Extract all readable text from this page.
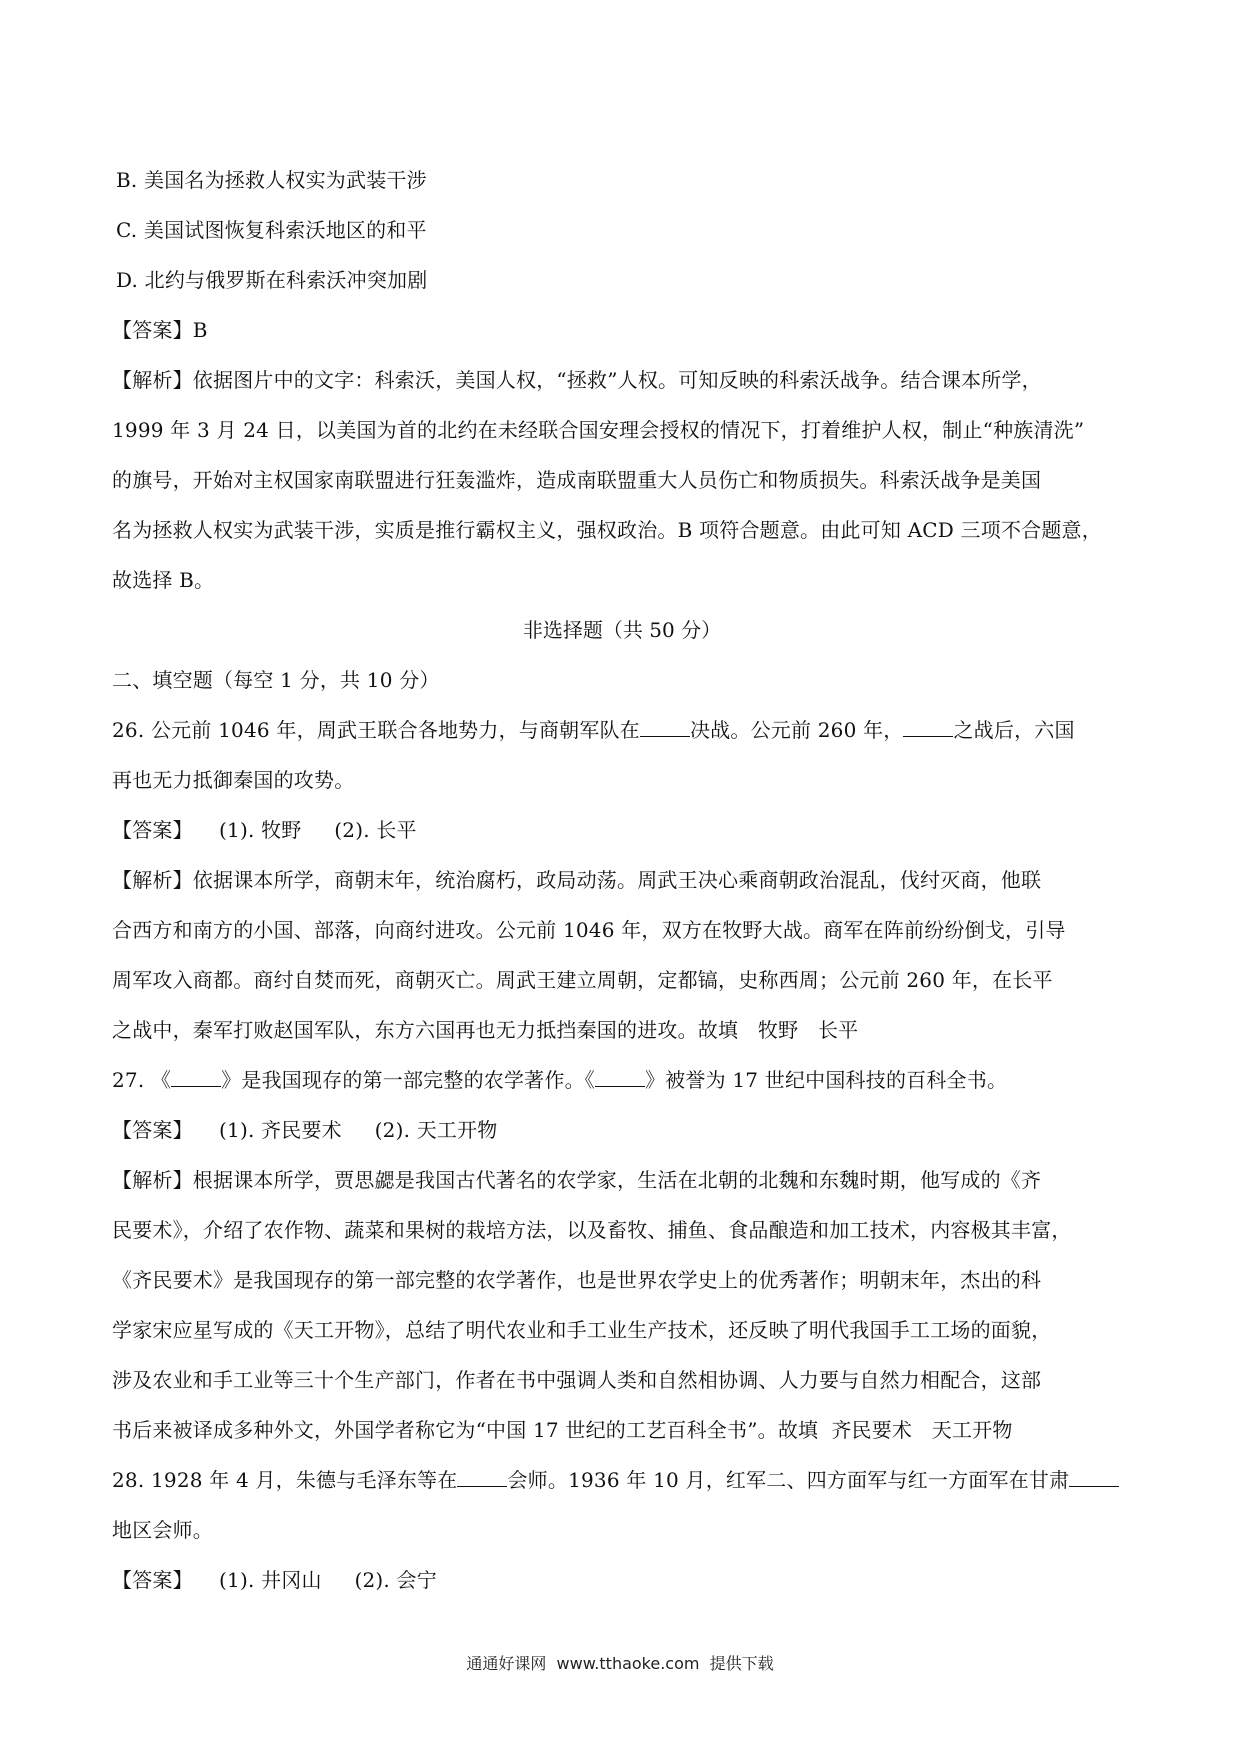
B. 美国名为拯救人权实为武装干涉
C. 美国试图恢复科索沃地区的和平
D. 北约与俄罗斯在科索沃冲突加剧
【答案】B
【解析】依据图片中的文字：科索沃，美国人权，“拯救”人权。可知反映的科索沃战争。结合课本所学，
1999 年 3 月 24 日，以美国为首的北约在未经联合国安理会授权的情况下，打着维护人权，制止“种族清洗”
的旗号，开始对主权国家南联盟进行狂轰滥炸，造成南联盟重大人员伤亡和物质损失。科索沃战争是美国
名为拯救人权实为武装干涉，实质是推行霸权主义，强权政治。B 项符合题意。由此可知 ACD 三项不合题意，
故选择 B。
非选择题（共 50 分）
二、填空题（每空 1 分，共 10 分）
26. 公元前 1046 年，周武王联合各地势力，与商朝军队在	决战。公元前 260 年，	之战后，六国
再也无力抵御秦国的攻势。
【答案】    (1). 牧野     (2). 长平
【解析】依据课本所学，商朝末年，统治腐朽，政局动荡。周武王决心乘商朝政治混乱，伐纣灭商，他联
合西方和南方的小国、部落，向商纣进攻。公元前 1046 年，双方在牧野大战。商军在阵前纷纷倒戈，引导
周军攻入商都。商纣自焚而死，商朝灭亡。周武王建立周朝，定都镐，史称西周；公元前 260 年，在长平
之战中，秦军打败赵国军队，东方六国再也无力抵挡秦国的进攻。故填   牧野   长平
27. 《	》是我国现存的第一部完整的农学著作。《	》被誉为 17 世纪中国科技的百科全书。
【答案】    (1). 齐民要术     (2). 天工开物
【解析】根据课本所学，贾思勰是我国古代著名的农学家，生活在北朝的北魏和东魏时期，他写成的《齐
民要术》，介绍了农作物、蔬菜和果树的栽培方法，以及畜牧、捕鱼、食品酿造和加工技术，内容极其丰富，
《齐民要术》是我国现存的第一部完整的农学著作，也是世界农学史上的优秀著作；明朝末年，杰出的科
学家宋应星写成的《天工开物》，总结了明代农业和手工业生产技术，还反映了明代我国手工工场的面貌，
涉及农业和手工业等三十个生产部门，作者在书中强调人类和自然相协调、人力要与自然力相配合，这部
书后来被译成多种外文，外国学者称它为“中国 17 世纪的工艺百科全书”。故填  齐民要术   天工开物
28. 1928 年 4 月，朱德与毛泽东等在	会师。1936 年 10 月，红军二、四方面军与红一方面军在甘肃
地区会师。
【答案】    (1). 井冈山     (2). 会宁
通通好课网  www.tthaoke.com  提供下载
